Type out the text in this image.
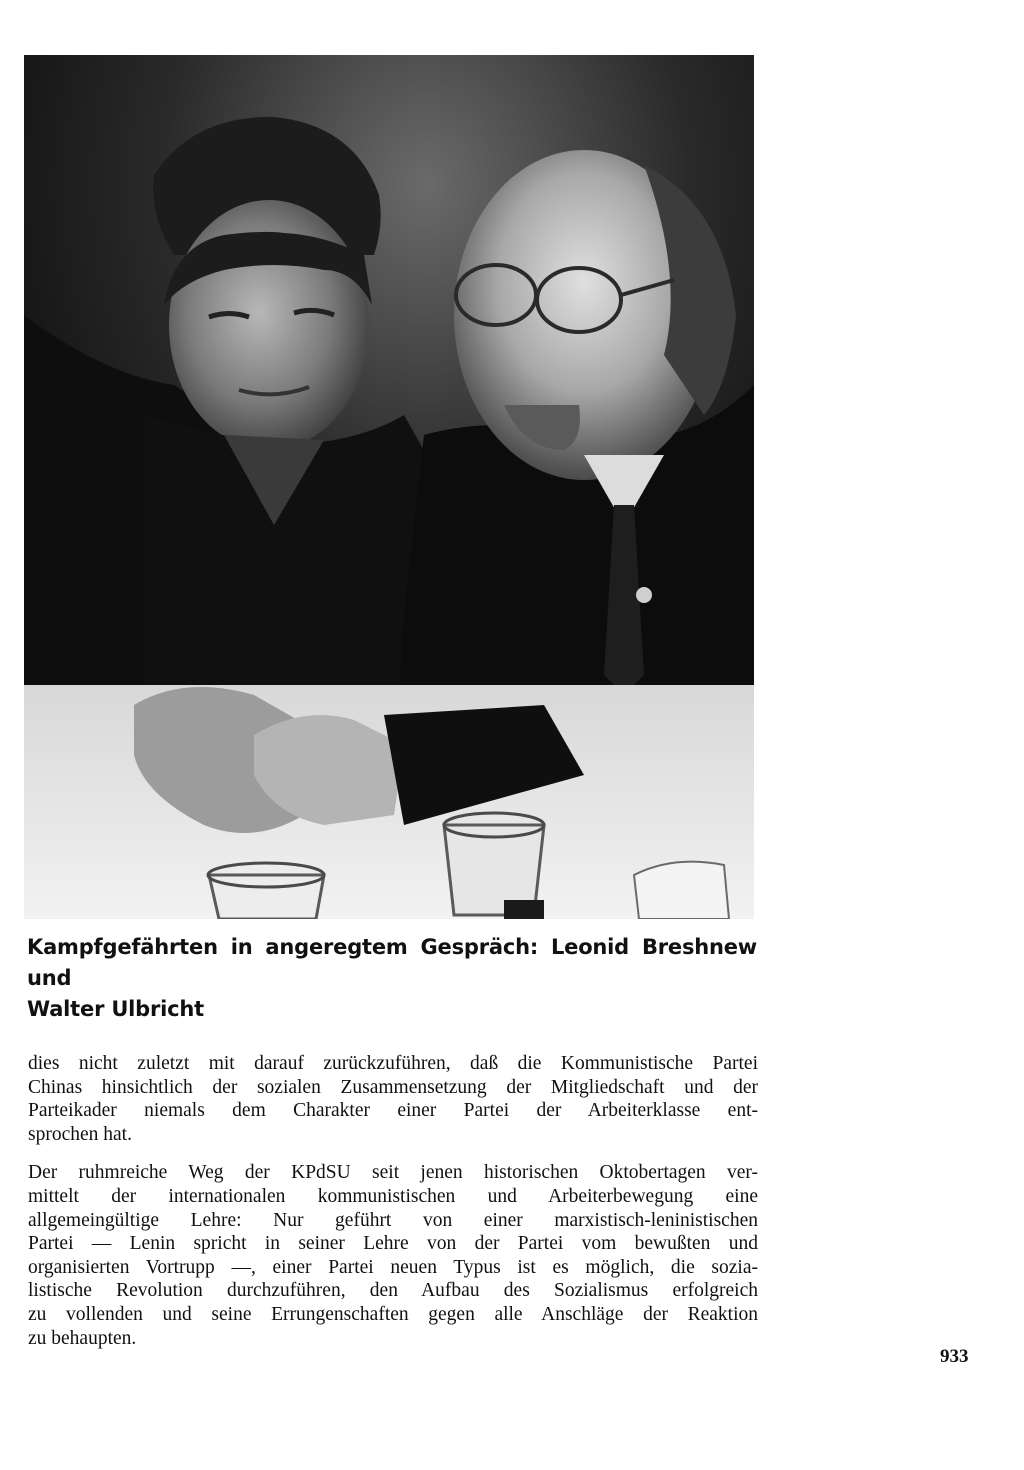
Kampfgefährten in angeregtem Gespräch: Leonid Breshnew und
Walter Ulbricht

dies nicht zuletzt mit darauf zurückzuführen, daß die Kommunistische Partei
Chinas hinsichtlich der sozialen Zusammensetzung der Mitgliedschaft und der
Parteikader niemals dem Charakter einer Partei der Arbeiterklasse ent-
sprochen hat.

Der ruhmreiche Weg der KPdSU seit jenen historischen Oktobertagen ver-
mittelt der internationalen kommunistischen und Arbeiterbewegung eine
allgemeingültige Lehre: Nur geführt von einer marxistisch-leninistischen
Partei — Lenin spricht in seiner Lehre von der Partei vom bewußten und
organisierten Vortrupp —, einer Partei neuen Typus ist es möglich, die sozia-
listische Revolution durchzuführen, den Aufbau des Sozialismus erfolgreich
zu vollenden und seine Errungenschaften gegen alle Anschläge der Reaktion
zu behaupten.

933
